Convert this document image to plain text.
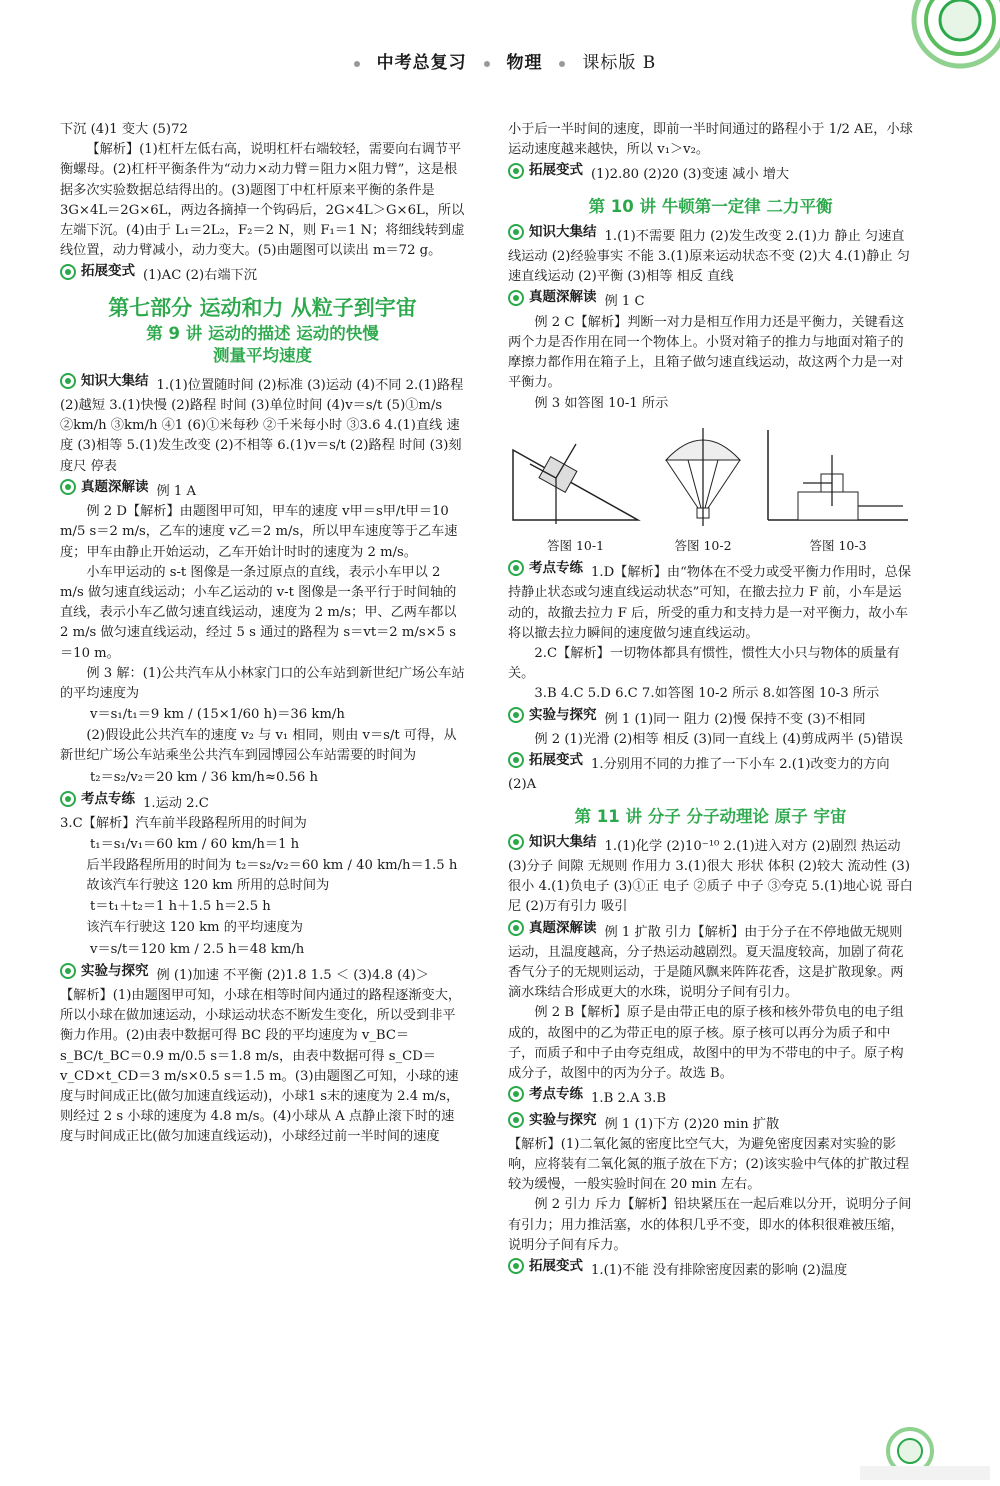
中考总复习 物理 课标版 B

下沉 (4)1 变大 (5)72

【解析】(1)杠杆左低右高，说明杠杆右端较轻，需要向右调节平衡螺母。(2)杠杆平衡条件为“动力×动力臂＝阻力×阻力臂”，这是根据多次实验数据总结得出的。(3)题图丁中杠杆原来平衡的条件是3G×4L＝2G×6L，两边各摘掉一个钩码后，2G×4L＞G×6L，所以左端下沉。(4)由于 L₁＝2L₂，F₂＝2 N，则 F₁＝1 N；将细线转到虚线位置，动力臂减小，动力变大。(5)由题图可以读出 m＝72 g。

拓展变式 (1)AC (2)右端下沉

第七部分 运动和力 从粒子到宇宙
第 9 讲 运动的描述 运动的快慢
测量平均速度

知识大集结 1.(1)位置随时间 (2)标准 (3)运动 (4)不同 2.(1)路程 (2)越短 3.(1)快慢 (2)路程 时间 (3)单位时间 (4)v＝s/t (5)①m/s ②km/h ③km/h ④1 (6)①米每秒 ②千米每小时 ③3.6 4.(1)直线 速度 (3)相等 5.(1)发生改变 (2)不相等 6.(1)v＝s/t (2)路程 时间 (3)刻度尺 停表

真题深解读 例 1 A

例 2 D【解析】由题图甲可知，甲车的速度 v甲＝s甲/t甲＝10 m/5 s＝2 m/s，乙车的速度 v乙＝2 m/s，所以甲车速度等于乙车速度；甲车由静止开始运动，乙车开始计时时的速度为 2 m/s。

小车甲运动的 s-t 图像是一条过原点的直线，表示小车甲以 2 m/s 做匀速直线运动；小车乙运动的 v-t 图像是一条平行于时间轴的直线，表示小车乙做匀速直线运动，速度为 2 m/s；甲、乙两车都以 2 m/s 做匀速直线运动，经过 5 s 通过的路程为 s＝vt＝2 m/s×5 s＝10 m。

例 3 解：(1)公共汽车从小林家门口的公车站到新世纪广场公车站的平均速度为

v＝s₁/t₁＝9 km / (15×1/60 h)＝36 km/h

(2)假设此公共汽车的速度 v₂ 与 v₁ 相同，则由 v＝s/t 可得，从新世纪广场公车站乘坐公共汽车到园博园公车站需要的时间为

t₂＝s₂/v₂＝20 km / 36 km/h≈0.56 h

考点专练 1.运动 2.C

3.C【解析】汽车前半段路程所用的时间为

t₁＝s₁/v₁＝60 km / 60 km/h＝1 h

后半段路程所用的时间为 t₂＝s₂/v₂＝60 km / 40 km/h＝1.5 h

故该汽车行驶这 120 km 所用的总时间为

t＝t₁＋t₂＝1 h＋1.5 h＝2.5 h

该汽车行驶这 120 km 的平均速度为

v＝s/t＝120 km / 2.5 h＝48 km/h

实验与探究 例 (1)加速 不平衡 (2)1.8 1.5 ＜ (3)4.8 (4)＞

【解析】(1)由题图甲可知，小球在相等时间内通过的路程逐渐变大，所以小球在做加速运动，小球运动状态不断发生变化，所以受到非平衡力作用。(2)由表中数据可得 BC 段的平均速度为 v_BC＝s_BC/t_BC＝0.9 m/0.5 s＝1.8 m/s，由表中数据可得 s_CD＝v_CD×t_CD＝3 m/s×0.5 s＝1.5 m。(3)由题图乙可知，小球的速度与时间成正比(做匀加速直线运动)，小球1 s末的速度为 2.4 m/s，则经过 2 s 小球的速度为 4.8 m/s。(4)小球从 A 点静止滚下时的速度与时间成正比(做匀加速直线运动)，小球经过前一半时间的速度

小于后一半时间的速度，即前一半时间通过的路程小于 1/2 AE，小球运动速度越来越快，所以 v₁＞v₂。

拓展变式 (1)2.80 (2)20 (3)变速 减小 增大

第 10 讲 牛顿第一定律 二力平衡

知识大集结 1.(1)不需要 阻力 (2)发生改变 2.(1)力 静止 匀速直线运动 (2)经验事实 不能 3.(1)原来运动状态不变 (2)大 4.(1)静止 匀速直线运动 (2)平衡 (3)相等 相反 直线

真题深解读 例 1 C

例 2 C【解析】判断一对力是相互作用力还是平衡力，关键看这两个力是否作用在同一个物体上。小贤对箱子的推力与地面对箱子的摩擦力都作用在箱子上，且箱子做匀速直线运动，故这两个力是一对平衡力。

例 3 如答图 10-1 所示

答图 10-1	答图 10-2	答图 10-3

考点专练 1.D【解析】由“物体在不受力或受平衡力作用时，总保持静止状态或匀速直线运动状态”可知，在撤去拉力 F 前，小车是运动的，故撤去拉力 F 后，所受的重力和支持力是一对平衡力，故小车将以撤去拉力瞬间的速度做匀速直线运动。

2.C【解析】一切物体都具有惯性，惯性大小只与物体的质量有关。

3.B 4.C 5.D 6.C 7.如答图 10-2 所示 8.如答图 10-3 所示

实验与探究 例 1 (1)同一 阻力 (2)慢 保持不变 (3)不相同

例 2 (1)光滑 (2)相等 相反 (3)同一直线上 (4)剪成两半 (5)错误

拓展变式 1.分别用不同的力推了一下小车 2.(1)改变力的方向 (2)A

第 11 讲 分子 分子动理论 原子 宇宙

知识大集结 1.(1)化学 (2)10⁻¹⁰ 2.(1)进入对方 (2)剧烈 热运动 (3)分子 间隙 无规则 作用力 3.(1)很大 形状 体积 (2)较大 流动性 (3)很小 4.(1)负电子 (3)①正 电子 ②质子 中子 ③夸克 5.(1)地心说 哥白尼 (2)万有引力 吸引

真题深解读 例 1 扩散 引力【解析】由于分子在不停地做无规则运动，且温度越高，分子热运动越剧烈。夏天温度较高，加剧了荷花香气分子的无规则运动，于是随风飘来阵阵花香，这是扩散现象。两滴水珠结合形成更大的水珠，说明分子间有引力。

例 2 B【解析】原子是由带正电的原子核和核外带负电的电子组成的，故图中的乙为带正电的原子核。原子核可以再分为质子和中子，而质子和中子由夸克组成，故图中的甲为不带电的中子。原子构成分子，故图中的丙为分子。故选 B。

考点专练 1.B 2.A 3.B

实验与探究 例 1 (1)下方 (2)20 min 扩散

【解析】(1)二氧化氮的密度比空气大，为避免密度因素对实验的影响，应将装有二氧化氮的瓶子放在下方；(2)该实验中气体的扩散过程较为缓慢，一般实验时间在 20 min 左右。

例 2 引力 斥力【解析】铅块紧压在一起后难以分开，说明分子间有引力；用力推活塞，水的体积几乎不变，即水的体积很难被压缩，说明分子间有斥力。

拓展变式 1.(1)不能 没有排除密度因素的影响 (2)温度
